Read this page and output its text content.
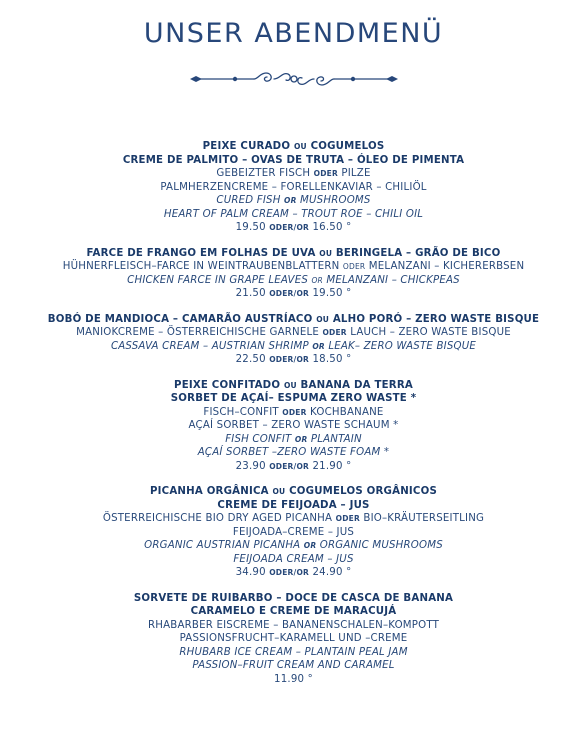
UNSER ABENDMENÜ
PEIXE CURADO OU COGUMELOS
CREME DE PALMITO – OVAS DE TRUTA – ÓLEO DE PIMENTA
GEBEIZTER FISCH ODER PILZE
PALMHERZENCREME – FORELLENKAVIAR – CHILIÖL
CURED FISH OR MUSHROOMS
HEART OF PALM CREAM – TROUT ROE – CHILI OIL
19.50 ODER/OR 16.50 °
FARCE DE FRANGO EM FOLHAS DE UVA OU BERINGELA – GRÃO DE BICO
HÜHNERFLEISCH–FARCE IN WEINTRAUBENBLATTERN ODER MELANZANI – KICHERERBSEN
CHICKEN FARCE IN GRAPE LEAVES OR MELANZANI – CHICKPEAS
21.50 ODER/OR 19.50 °
BOBÓ DE MANDIOCA – CAMARÃO AUSTRÍACO OU ALHO PORÓ – ZERO WASTE BISQUE
MANIOKCREME – ÖSTERREICHISCHE GARNELE ODER LAUCH – ZERO WASTE BISQUE
CASSAVA CREAM – AUSTRIAN SHRIMP OR LEAK– ZERO WASTE BISQUE
22.50 ODER/OR 18.50 °
PEIXE CONFITADO OU BANANA DA TERRA
SORBET DE AÇAÍ– ESPUMA ZERO WASTE *
FISCH–CONFIT ODER KOCHBANANE
AÇAÍ SORBET – ZERO WASTE SCHAUM *
FISH CONFIT OR PLANTAIN
AÇAÍ SORBET –ZERO WASTE FOAM *
23.90 ODER/OR 21.90 °
PICANHA ORGÂNICA OU COGUMELOS ORGÂNICOS
CREME DE FEIJOADA – JUS
ÖSTERREICHISCHE BIO DRY AGED PICANHA ODER BIO–KRÄUTERSEITLING
FEIJOADA–CREME – JUS
ORGANIC AUSTRIAN PICANHA OR ORGANIC MUSHROOMS
FEIJOADA CREAM – JUS
34.90 ODER/OR 24.90 °
SORVETE DE RUIBARBO – DOCE DE CASCA DE BANANA
CARAMELO E CREME DE MARACUJÁ
RHABARBER EISCREME – BANANENSCHALEN–KOMPOTT
PASSIONSFRUCHT–KARAMELL UND –CREME
RHUBARB ICE CREAM – PLANTAIN PEAL JAM
PASSION–FRUIT CREAM AND CARAMEL
11.90 °
